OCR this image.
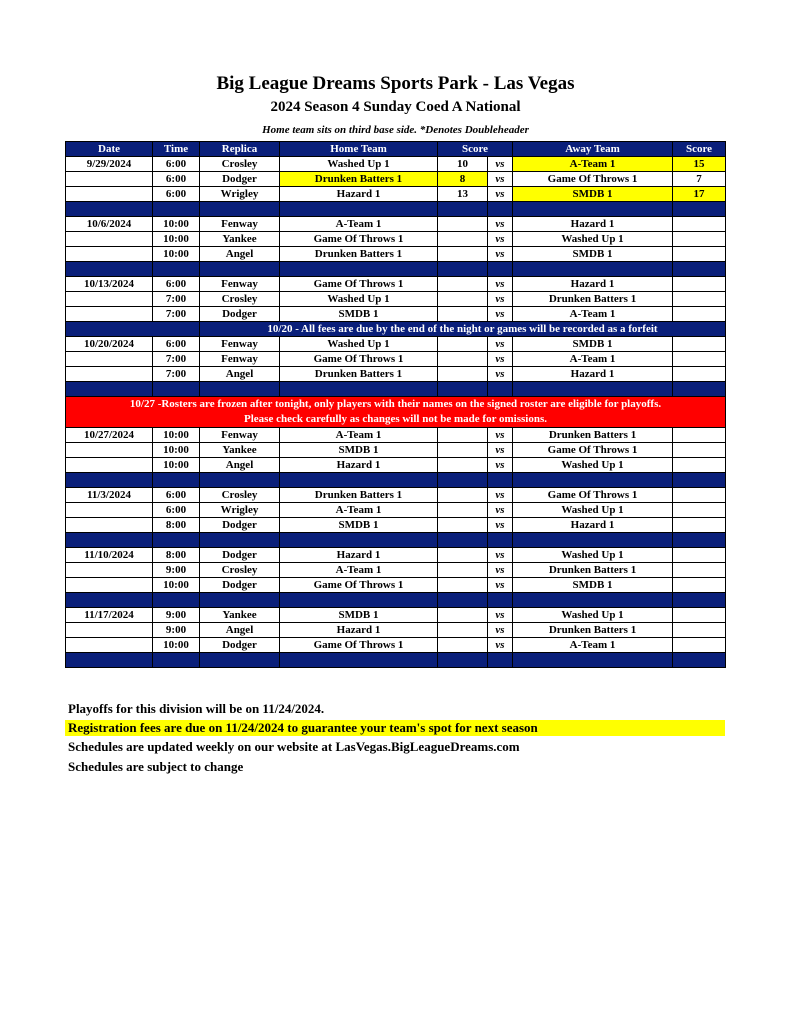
Big League Dreams Sports Park - Las Vegas
2024 Season 4 Sunday Coed A National
Home team sits on third base side. *Denotes Doubleheader
Date	Time	Replica	Home Team	Score		Away Team	Score
9/29/2024	6:00	Crosley	Washed Up 1	10	vs	A-Team 1	15
	6:00	Dodger	Drunken Batters 1	8	vs	Game Of Throws 1	7
	6:00	Wrigley	Hazard 1	13	vs	SMDB 1	17

10/6/2024	10:00	Fenway	A-Team 1		vs	Hazard 1	
	10:00	Yankee	Game Of Throws 1		vs	Washed Up 1	
	10:00	Angel	Drunken Batters 1		vs	SMDB 1	

10/13/2024	6:00	Fenway	Game Of Throws 1		vs	Hazard 1	
	7:00	Crosley	Washed Up 1		vs	Drunken Batters 1	
	7:00	Dodger	SMDB 1		vs	A-Team 1	

		10/20 - All fees are due by the end of the night or games will be recorded as a forfeit					

10/20/2024	6:00	Fenway	Washed Up 1		vs	SMDB 1	
	7:00	Fenway	Game Of Throws 1		vs	A-Team 1	
	7:00	Angel	Drunken Batters 1		vs	Hazard 1	

10/27 -Rosters are frozen after tonight, only players with their names on the signed roster are eligible for playoffs.
Please check carefully as changes will not be made for omissions.							

10/27/2024	10:00	Fenway	A-Team 1		vs	Drunken Batters 1	
	10:00	Yankee	SMDB 1		vs	Game Of Throws 1	
	10:00	Angel	Hazard 1		vs	Washed Up 1	

11/3/2024	6:00	Crosley	Drunken Batters 1		vs	Game Of Throws 1	
	6:00	Wrigley	A-Team 1		vs	Washed Up 1	
	8:00	Dodger	SMDB 1		vs	Hazard 1	

11/10/2024	8:00	Dodger	Hazard 1		vs	Washed Up 1	
	9:00	Crosley	A-Team 1		vs	Drunken Batters 1	
	10:00	Dodger	Game Of Throws 1		vs	SMDB 1	

11/17/2024	9:00	Yankee	SMDB 1		vs	Washed Up 1	
	9:00	Angel	Hazard 1		vs	Drunken Batters 1	
	10:00	Dodger	Game Of Throws 1		vs	A-Team 1	

Playoffs for this division will be on 11/24/2024.
Registration fees are due on 11/24/2024 to guarantee your team's spot for next season
Schedules are updated weekly on our website at LasVegas.BigLeagueDreams.com
Schedules are subject to change
